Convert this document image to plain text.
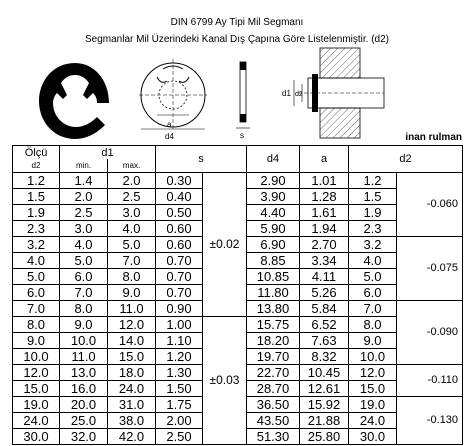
DIN 6799 Ay Tipi Mil Segmanı
Segmanlar Mil Üzerindeki Kanal Dış Çapına Göre Listelenmiştir. (d2)
a
d4	s
d1 d2
inan rulman
Ölçü	d1		s		d4	a	d2	
d2	min.	max.						
1.2	1.4	2.0	0.30	±0.02	2.90	1.01	1.2	-0.060
1.5	2.0	2.5	0.40		3.90	1.28	1.5	
1.9	2.5	3.0	0.50		4.40	1.61	1.9	
2.3	3.0	4.0	0.60		5.90	1.94	2.3	
3.2	4.0	5.0	0.60		6.90	2.70	3.2	-0.075
4.0	5.0	7.0	0.70		8.85	3.34	4.0	
5.0	6.0	8.0	0.70		10.85	4.11	5.0	
6.0	7.0	9.0	0.70		11.80	5.26	6.0	
7.0	8.0	11.0	0.90		13.80	5.84	7.0	-0.090
8.0	9.0	12.0	1.00	±0.03	15.75	6.52	8.0	
9.0	10.0	14.0	1.10		18.20	7.63	9.0	
10.0	11.0	15.0	1.20		19.70	8.32	10.0	
12.0	13.0	18.0	1.30		22.70	10.45	12.0	-0.110
15.0	16.0	24.0	1.50		28.70	12.61	15.0	
19.0	20.0	31.0	1.75		36.50	15.92	19.0	-0.130
24.0	25.0	38.0	2.00		43.50	21.88	24.0	
30.0	32.0	42.0	2.50		51.30	25.80	30.0	
